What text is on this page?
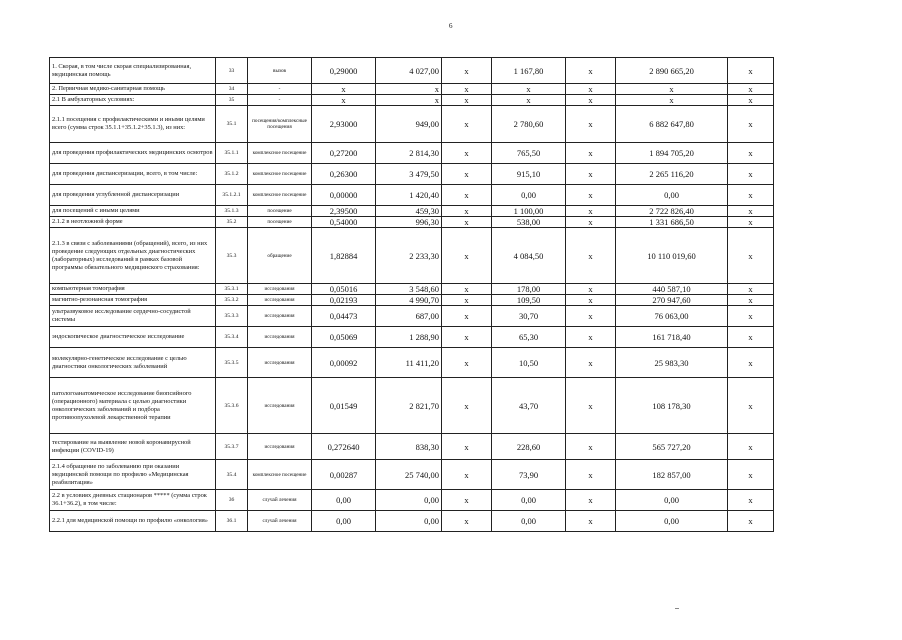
6
1. Скорая, в том числе скорая специализированная, медицинская помощь	33	вызов	0,29000	4 027,00	х	1 167,80	х	2 890 665,20	х
2. Первичная медико-санитарная помощь	34	-	х	х	х	х	х	х	х
2.1 В амбулаторных условиях:	35	-	х	х	х	х	х	х	х
2.1.1 посещения с профилактическими и иными целями всего (сумма строк 35.1.1+35.1.2+35.1.3), из них:	35.1	посещения/комплексные посещения	2,93000	949,00	х	2 780,60	х	6 882 647,80	х
для проведения профилактических медицинских осмотров	35.1.1	комплексное посещение	0,27200	2 814,30	х	765,50	х	1 894 705,20	х
для проведения диспансеризации, всего, в том числе:	35.1.2	комплексное посещение	0,26300	3 479,50	х	915,10	х	2 265 116,20	х
для проведения углубленной диспансеризации	35.1.2.1	комплексное посещение	0,00000	1 420,40	х	0,00	х	0,00	х
для посещений с иными целями	35.1.3	посещение	2,39500	459,30	х	1 100,00	х	2 722 826,40	х
2.1.2 в неотложной форме	35.2	посещение	0,54000	996,30	х	538,00	х	1 331 686,50	х
2.1.3 в связи с заболеваниями (обращений), всего, из них проведение следующих отдельных диагностических (лабораторных) исследований в рамках базовой программы обязательного медицинского страхования:	35.3	обращение	1,82884	2 233,30	х	4 084,50	х	10 110 019,60	х
компьютерная томография	35.3.1	исследования	0,05016	3 548,60	х	178,00	х	440 587,10	х
магнитно-резонансная томография	35.3.2	исследования	0,02193	4 990,70	х	109,50	х	270 947,60	х
ультразвуковое исследование сердечно-сосудистой системы	35.3.3	исследования	0,04473	687,00	х	30,70	х	76 063,00	х
эндоскопическое диагностическое исследование	35.3.4	исследования	0,05069	1 288,90	х	65,30	х	161 718,40	х
молекулярно-генетическое исследование с целью диагностики онкологических заболеваний	35.3.5	исследования	0,00092	11 411,20	х	10,50	х	25 983,30	х
патологоанатомическое исследование биопсийного (операционного) материала с целью диагностики онкологических заболеваний и подбора противоопухолевой лекарственной терапии	35.3.6	исследования	0,01549	2 821,70	х	43,70	х	108 178,30	х
тестирование на выявление новой коронавирусной инфекции (COVID-19)	35.3.7	исследования	0,272640	838,30	х	228,60	х	565 727,20	х
2.1.4 обращение по заболеванию при оказании медицинской помощи по профилю «Медицинская реабилитация»	35.4	комплексное посещение	0,00287	25 740,00	х	73,90	х	182 857,00	х
2.2 в условиях дневных стационаров ***** (сумма строк 36.1+36.2), в том числе:	36	случай лечения	0,00	0,00	х	0,00	х	0,00	х
2.2.1 для медицинской помощи по профилю «онкология»	36.1	случай лечения	0,00	0,00	х	0,00	х	0,00	х
